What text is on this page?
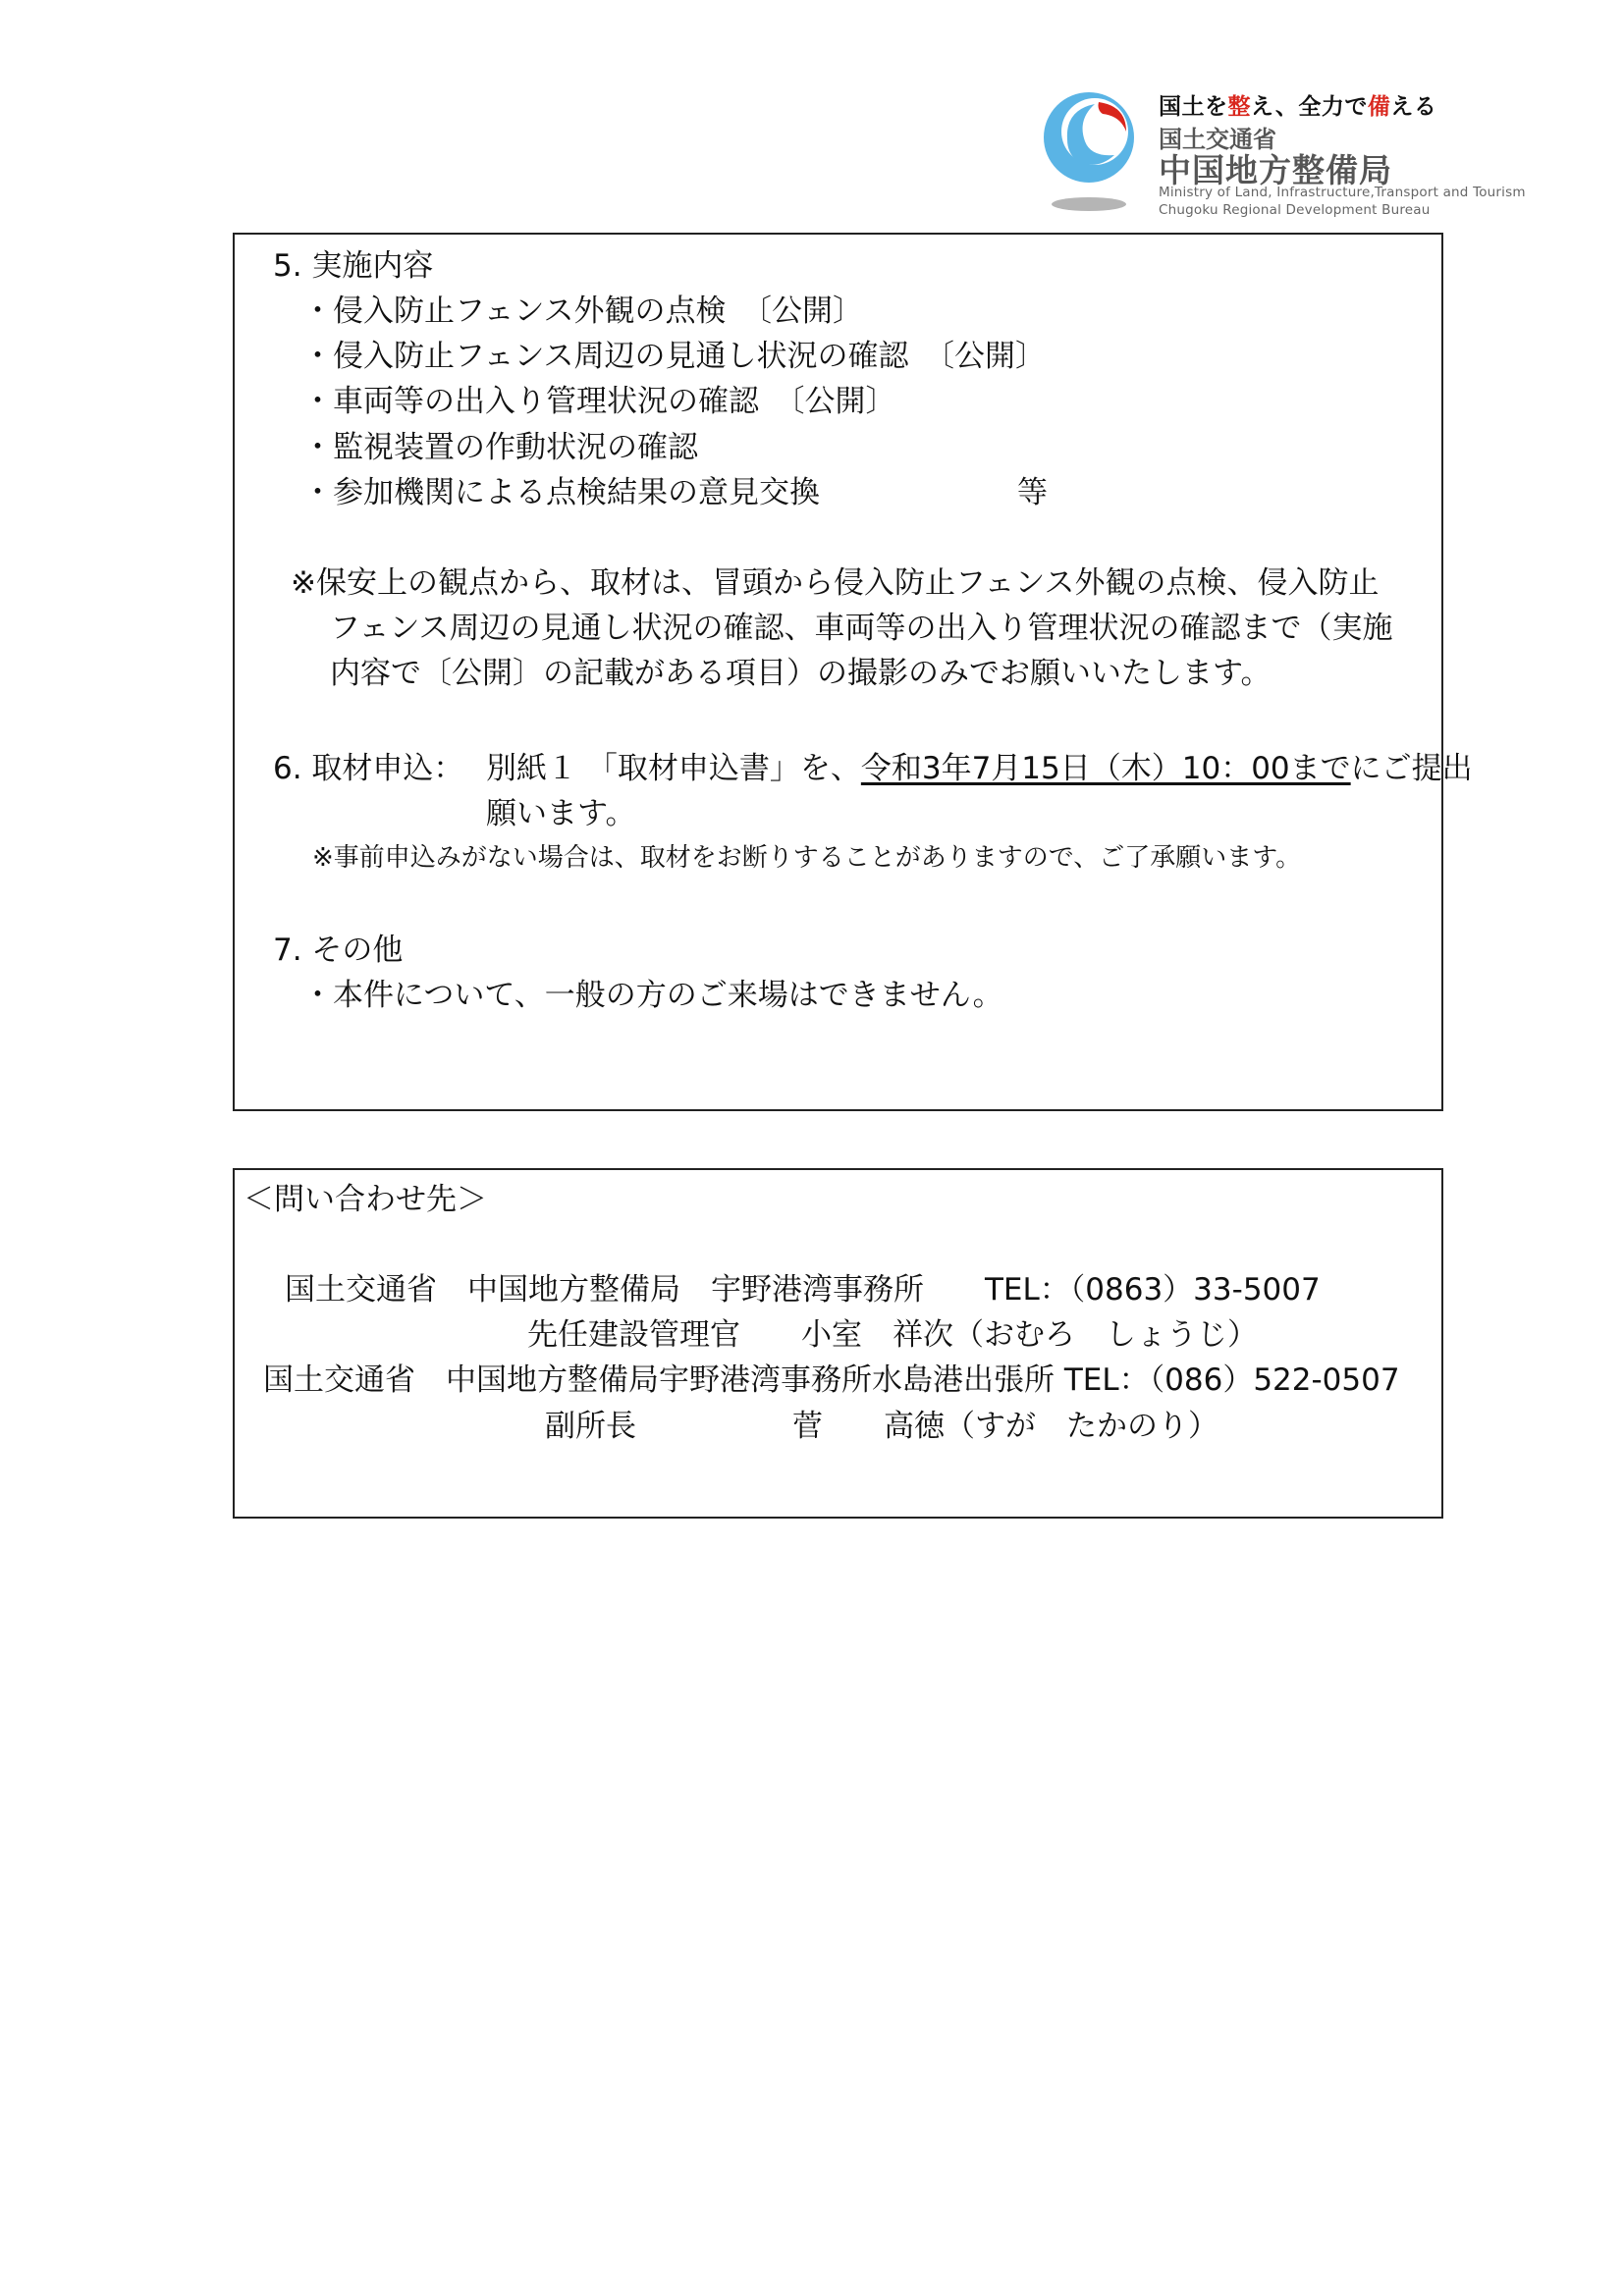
国土を整え、全力で備える
国土交通省
中国地方整備局
Ministry of Land, Infrastructure,Transport and Tourism
Chugoku Regional Development Bureau
5. 実施内容
・侵入防止フェンス外観の点検　〔公開〕
・侵入防止フェンス周辺の見通し状況の確認　〔公開〕
・車両等の出入り管理状況の確認　〔公開〕
・監視装置の作動状況の確認
・参加機関による点検結果の意見交換	等
※保安上の観点から、取材は、冒頭から侵入防止フェンス外観の点検、侵入防止
フェンス周辺の見通し状況の確認、車両等の出入り管理状況の確認まで（実施
内容で〔公開〕の記載がある項目）の撮影のみでお願いいたします。
6. 取材申込： 別紙１ 「取材申込書」を、令和3年7月15日（木）10：00までにご提出
願います。
※事前申込みがない場合は、取材をお断りすることがありますので、ご了承願います。
7. その他
・本件について、一般の方のご来場はできません。
＜問い合わせ先＞
国土交通省　中国地方整備局　宇野港湾事務所　　TEL：（0863）33-5007
先任建設管理官　　小室　祥次（おむろ　しょうじ）
国土交通省　中国地方整備局宇野港湾事務所水島港出張所 TEL：（086）522-0507
副所長	菅　　高徳（すが　たかのり）
